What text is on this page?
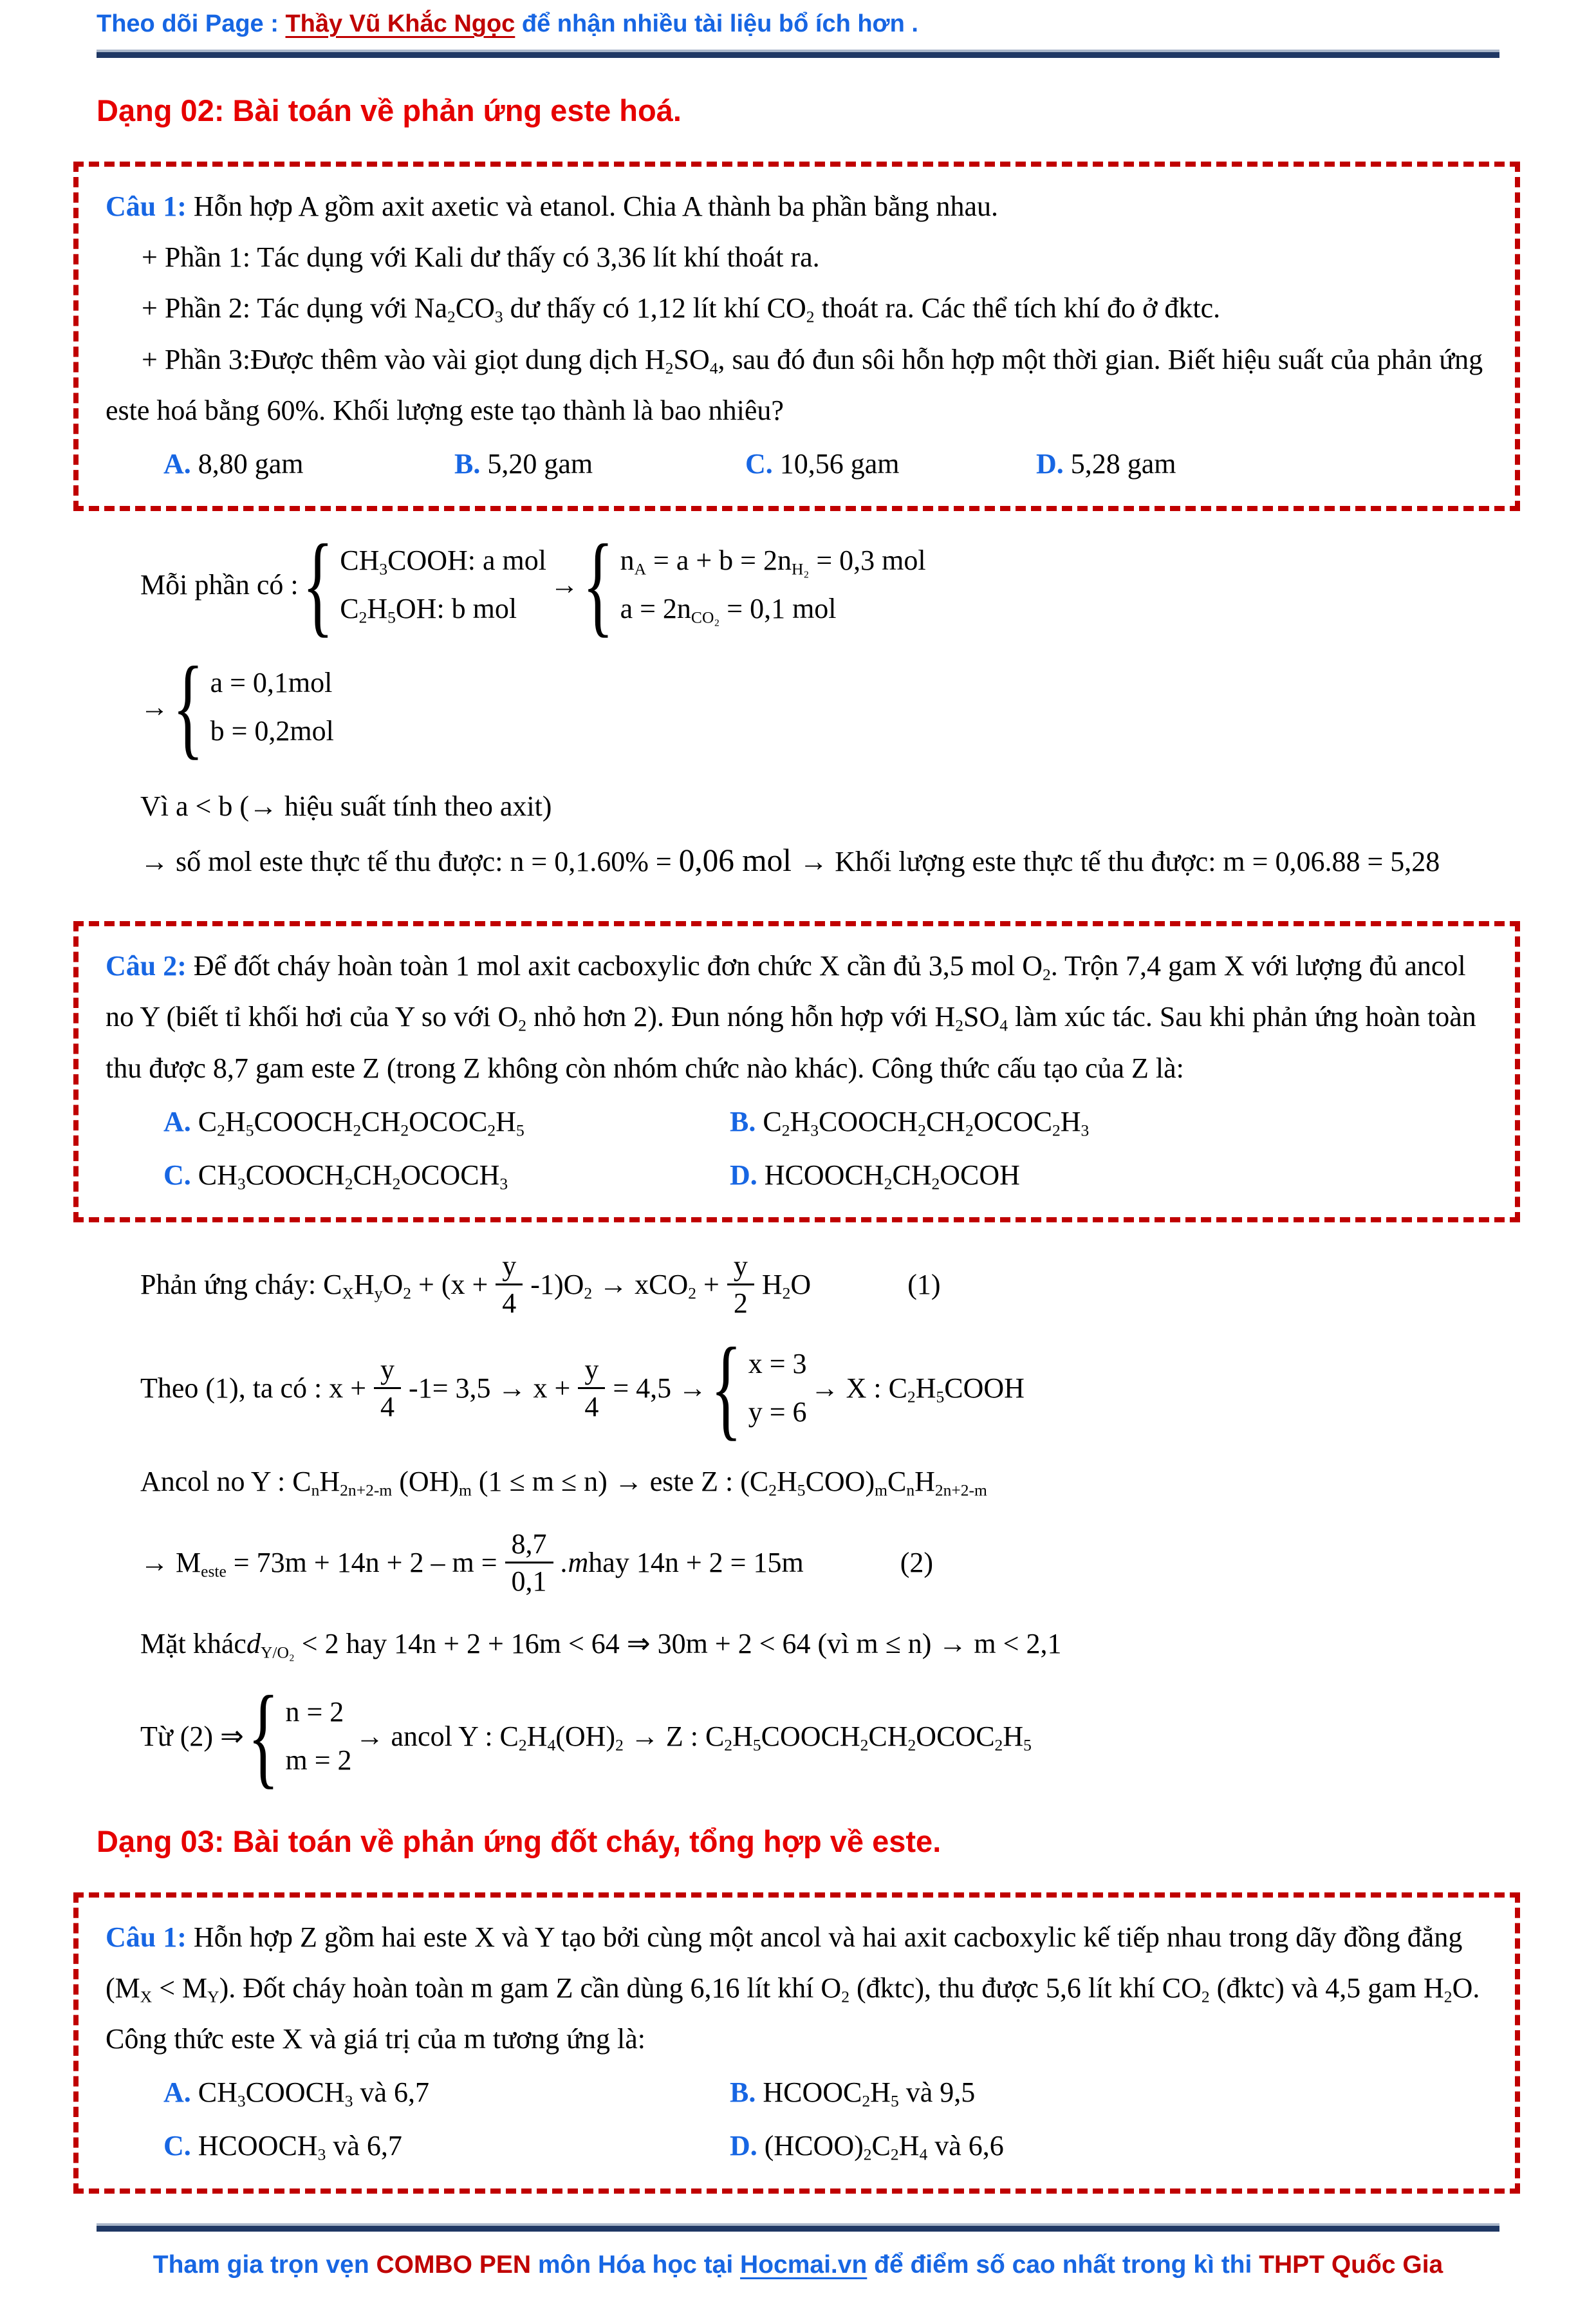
Theo dõi Page : Thầy Vũ Khắc Ngọc để nhận nhiều tài liệu bổ ích hơn .
Dạng 02: Bài toán về phản ứng este hoá.

Câu 1: Hỗn hợp A gồm axit axetic và etanol. Chia A thành ba phần bằng nhau.

+ Phần 1: Tác dụng với Kali dư thấy có 3,36 lít khí thoát ra.

+ Phần 2: Tác dụng với $Na_2CO_3$ dư thấy có 1,12 lít khí $CO_2$ thoát ra. Các thể tích khí đo ở đktc.

+ Phần 3:Được thêm vào vài giọt dung dịch $H_2SO_4$, sau đó đun sôi hỗn hợp một thời gian. Biết hiệu suất của phản ứng este hoá bằng 60%. Khối lượng este tạo thành là bao nhiêu?

A. 8,80 gam	B. 5,20 gam	C. 10,56 gam	D. 5,28 gam

Mỗi phần có : { $CH_3COOH$: a mol
$C_2H_5OH$: b mol
→ { $n_A = a + b = 2n_{H_2} = 0,3$ mol
$a = 2n_{CO_2} = 0,1$ mol
→ { a = 0,1mol
b = 0,2mol
Vì a < b (→ hiệu suất tính theo axit)
→ số mol este thực tế thu được: n = 0,1.60% = 0,06 mol → Khối lượng este thực tế thu được: m = 0,06.88 = 5,28

Câu 2: Để đốt cháy hoàn toàn 1 mol axit cacboxylic đơn chức X cần đủ 3,5 mol $O_2$. Trộn 7,4 gam X với lượng đủ ancol no Y (biết tỉ khối hơi của Y so với $O_2$ nhỏ hơn 2). Đun nóng hỗn hợp với $H_2SO_4$ làm xúc tác. Sau khi phản ứng hoàn toàn thu được 8,7 gam este Z (trong Z không còn nhóm chức nào khác). Công thức cấu tạo của Z là:

A. $C_2H_5COOCH_2CH_2OCOC_2H_5$	B. $C_2H_3COOCH_2CH_2OCOC_2H_3$

C. $CH_3COOCH_2CH_2OCOCH_3$	D. $HCOOCH_2CH_2OCOH$

Phản ứng cháy: $C_XH_yO_2 + (x + \frac{y}{4} -1)O_2 \to xCO_2 + \frac{y}{2} H_2O$	(1)
Theo (1), ta có : $x + \frac{y}{4} -1= 3,5 \to x + \frac{y}{4} = 4,5$ → { x = 3
y = 6
→ X : $C_2H_5COOH$
Ancol no Y : $C_nH_{2n+2-m}$ $(OH)_m$ (1 ≤ m ≤ n) → este Z : $(C_2H_5COO)_mC_nH_{2n+2-m}$
→ $M_{este} = 73m + 14n + 2 - m = \frac{8,7}{0,1} .m$ hay 14n + 2 = 15m	(2)
Mặt khác d $_{Y/O_2}$ < 2 hay 14n + 2 + 16m < 64 ⇒ 30m + 2 < 64 (vì m ≤ n) → m < 2,1
Từ (2) ⇒ { n = 2
m = 2
→ ancol Y : $C_2H_4(OH)_2 \to Z$ : $C_2H_5COOCH_2CH_2OCOC_2H_5$
Dạng 03: Bài toán về phản ứng đốt cháy, tổng hợp về este.

Câu 1: Hỗn hợp Z gồm hai este X và Y tạo bởi cùng một ancol và hai axit cacboxylic kế tiếp nhau trong dãy đồng đẳng $(M_X < M_Y)$. Đốt cháy hoàn toàn m gam Z cần dùng 6,16 lít khí $O_2$ (đktc), thu được 5,6 lít khí $CO_2$ (đktc) và 4,5 gam $H_2O$. Công thức este X và giá trị của m tương ứng là:

A. $CH_3COOCH_3$ và 6,7	B. $HCOOC_2H_5$ và 9,5

C. $HCOOCH_3$ và 6,7	D. $(HCOO)_2C_2H_4$ và 6,6

Tham gia trọn vẹn COMBO PEN môn Hóa học tại Hocmai.vn để điểm số cao nhất trong kì thi THPT Quốc Gia
